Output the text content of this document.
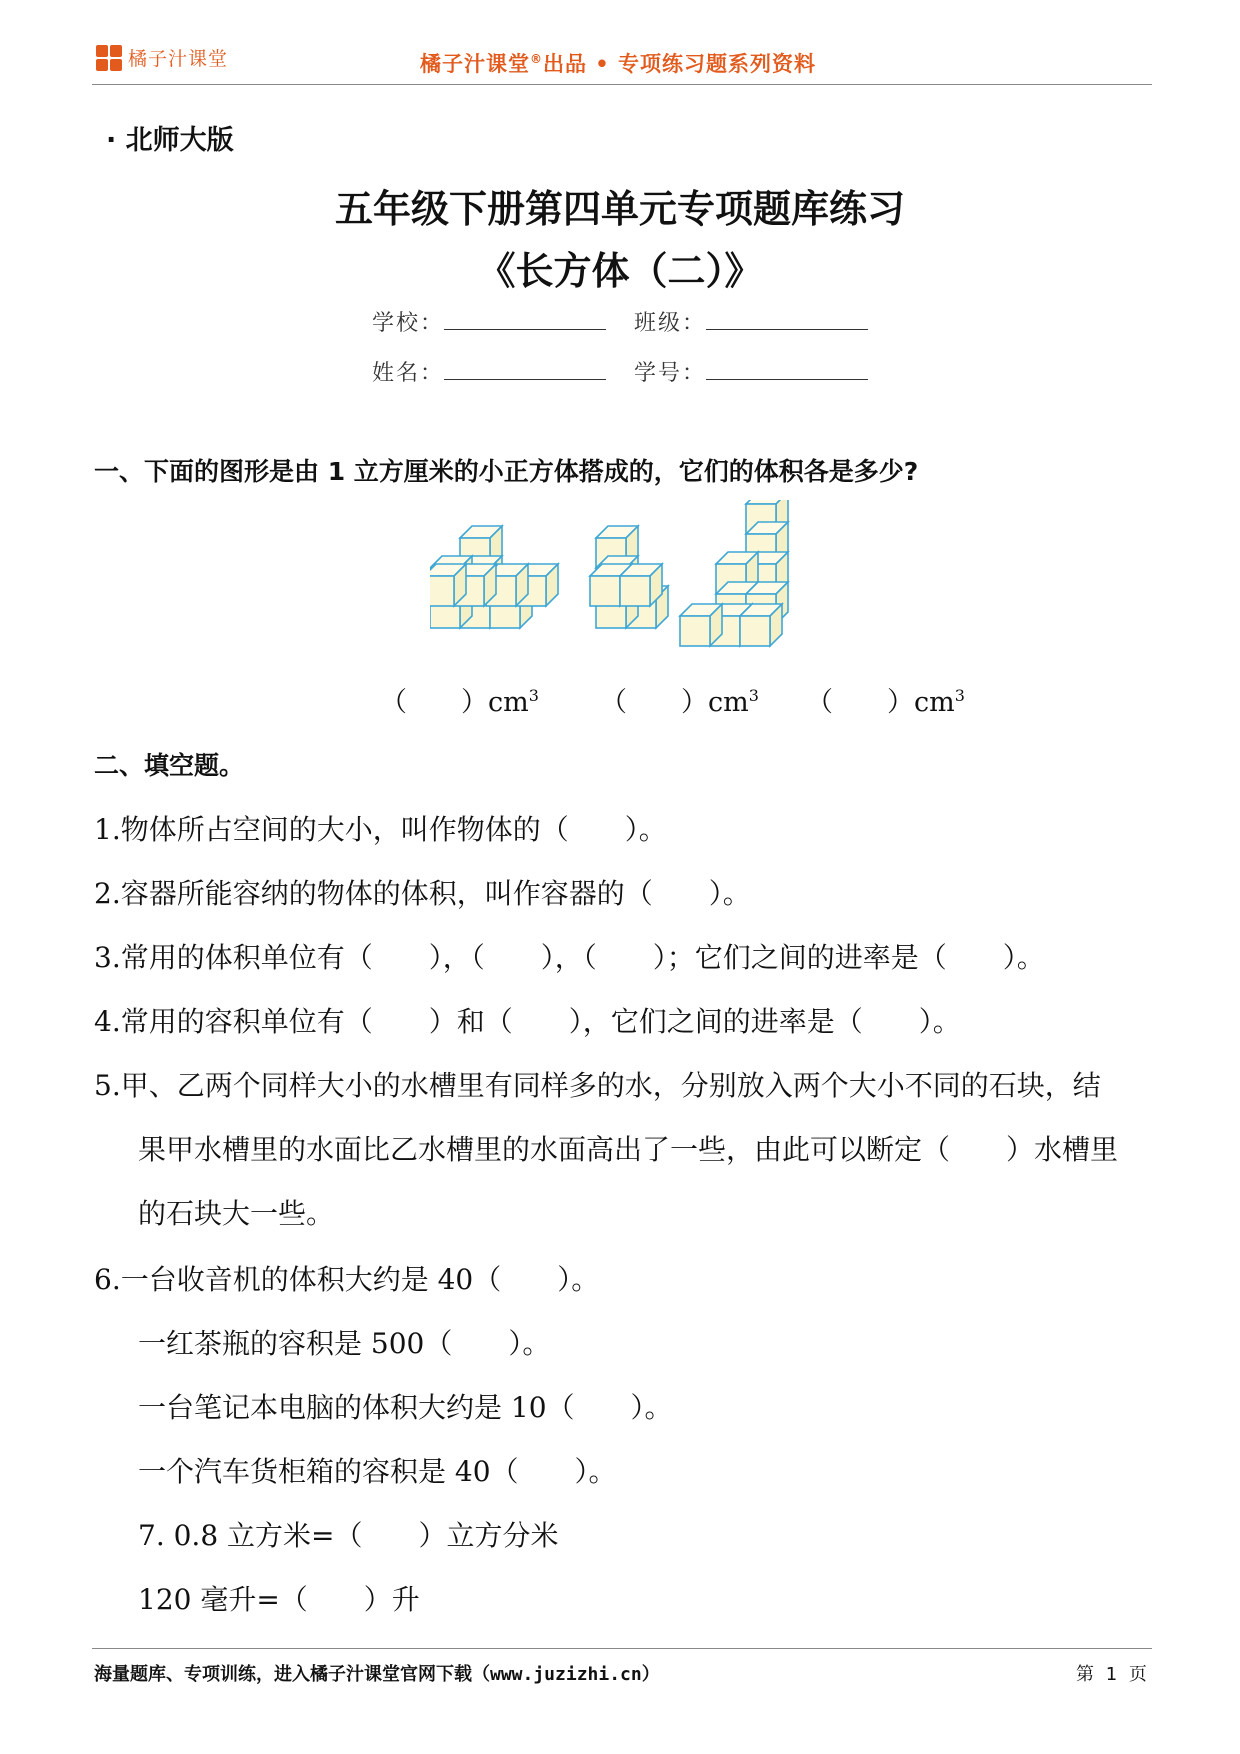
橘子汁课堂	橘子汁课堂®出品 • 专项练习题系列资料
· 北师大版
五年级下册第四单元专项题库练习
《长方体（二）》
学校：	班级：
姓名：	学号：
一、下面的图形是由 1 立方厘米的小正方体搭成的，它们的体积各是多少?
（　　）$cm^3$ （　　）$cm^3$ （　　）$cm^3$
二、填空题。
1.物体所占空间的大小，叫作物体的（　　）。
2.容器所能容纳的物体的体积，叫作容器的（　　）。
3.常用的体积单位有（　　），（　　），（　　）；它们之间的进率是（　　）。
4.常用的容积单位有（　　）和（　　），它们之间的进率是（　　）。
5.甲、乙两个同样大小的水槽里有同样多的水，分别放入两个大小不同的石块，结
果甲水槽里的水面比乙水槽里的水面高出了一些，由此可以断定（　　）水槽里
的石块大一些。
6.一台收音机的体积大约是 40（　　）。
一红茶瓶的容积是 500（　　）。
一台笔记本电脑的体积大约是 10（　　）。
一个汽车货柜箱的容积是 40（　　）。
7. 0.8 立方米=（　　）立方分米
120 毫升=（　　）升
海量题库、专项训练，进入橘子汁课堂官网下载（www.juzizhi.cn）	第 1 页
